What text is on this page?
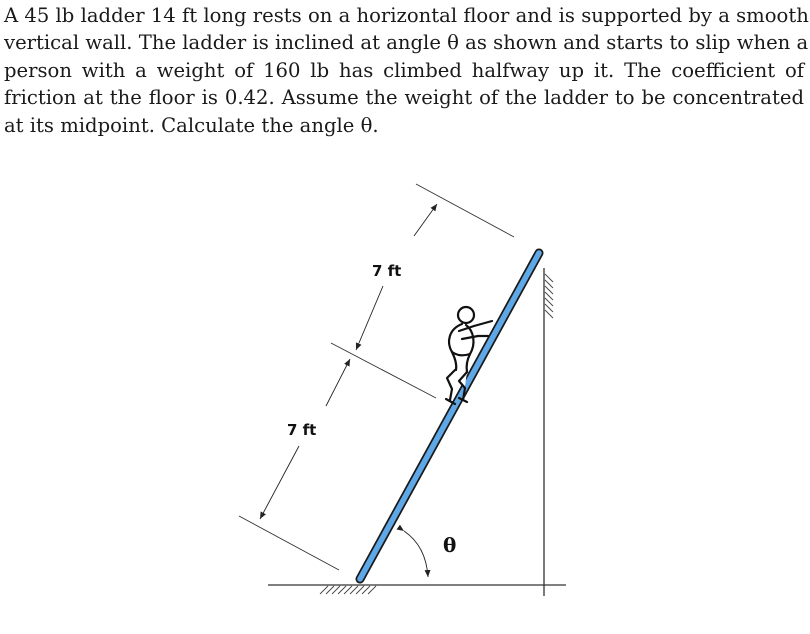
A 45 lb ladder 14 ft long rests on a horizontal floor and is supported by a smooth
vertical wall. The ladder is inclined at angle θ as shown and starts to slip when a
person with a weight of 160 lb has climbed halfway up it. The coefficient of
friction at the floor is 0.42. Assume the weight of the ladder to be concentrated
at its midpoint. Calculate the angle θ.
7 ft
7 ft
θ
